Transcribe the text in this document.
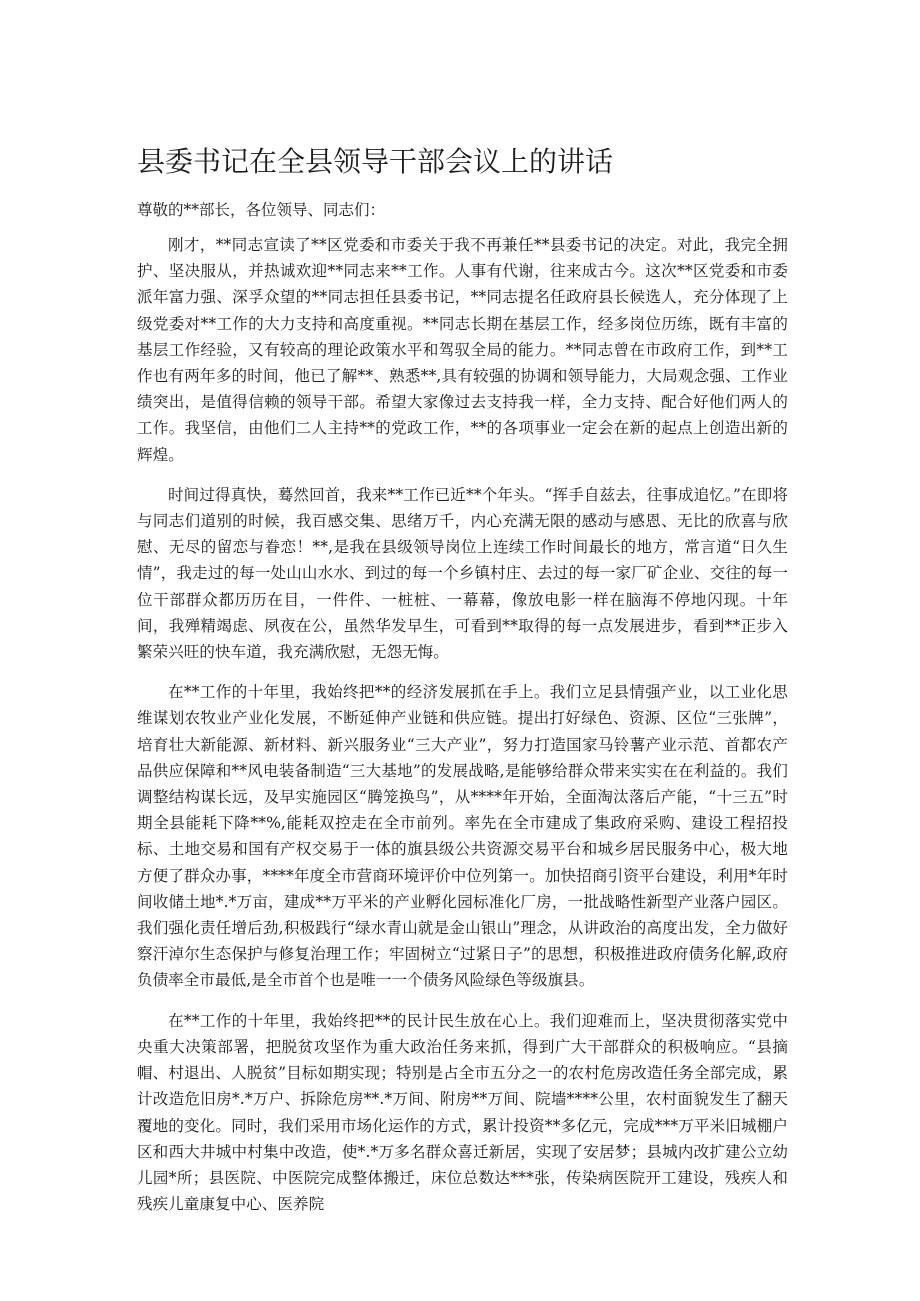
县委书记在全县领导干部会议上的讲话

尊敬的**部长，各位领导、同志们：

刚才，**同志宣读了**区党委和市委关于我不再兼任**县委书记的决定。对此，我完全拥护、坚决服从，并热诚欢迎**同志来**工作。人事有代谢，往来成古今。这次**区党委和市委派年富力强、深孚众望的**同志担任县委书记，**同志提名任政府县长候选人，充分体现了上级党委对**工作的大力支持和高度重视。**同志长期在基层工作，经多岗位历练，既有丰富的基层工作经验，又有较高的理论政策水平和驾驭全局的能力。**同志曾在市政府工作，到**工作也有两年多的时间，他已了解**、熟悉**,具有较强的协调和领导能力，大局观念强、工作业绩突出，是值得信赖的领导干部。希望大家像过去支持我一样，全力支持、配合好他们两人的工作。我坚信，由他们二人主持**的党政工作，**的各项事业一定会在新的起点上创造出新的辉煌。

时间过得真快，蓦然回首，我来**工作已近**个年头。“挥手自兹去，往事成追忆。”在即将与同志们道别的时候，我百感交集、思绪万千，内心充满无限的感动与感恩、无比的欣喜与欣慰、无尽的留恋与眷恋！**,是我在县级领导岗位上连续工作时间最长的地方，常言道“日久生情”，我走过的每一处山山水水、到过的每一个乡镇村庄、去过的每一家厂矿企业、交往的每一位干部群众都历历在目，一件件、一桩桩、一幕幕，像放电影一样在脑海不停地闪现。十年间，我殚精竭虑、夙夜在公，虽然华发早生，可看到**取得的每一点发展进步，看到**正步入繁荣兴旺的快车道，我充满欣慰，无怨无悔。

在**工作的十年里，我始终把**的经济发展抓在手上。我们立足县情强产业，以工业化思维谋划农牧业产业化发展，不断延伸产业链和供应链。提出打好绿色、资源、区位“三张牌”，培育壮大新能源、新材料、新兴服务业“三大产业”，努力打造国家马铃薯产业示范、首都农产品供应保障和**风电装备制造“三大基地”的发展战略,是能够给群众带来实实在在利益的。我们调整结构谋长远，及早实施园区“腾笼换鸟”，从****年开始，全面淘汰落后产能，“十三五”时期全县能耗下降**%,能耗双控走在全市前列。率先在全市建成了集政府采购、建设工程招投标、土地交易和国有产权交易于一体的旗县级公共资源交易平台和城乡居民服务中心，极大地方便了群众办事，****年度全市营商环境评价中位列第一。加快招商引资平台建设，利用*年时间收储土地*.*万亩，建成**万平米的产业孵化园标准化厂房，一批战略性新型产业落户园区。我们强化责任增后劲,积极践行“绿水青山就是金山银山”理念，从讲政治的高度出发，全力做好察汗淖尔生态保护与修复治理工作；牢固树立“过紧日子”的思想，积极推进政府债务化解,政府负债率全市最低,是全市首个也是唯一一个债务风险绿色等级旗县。

在**工作的十年里，我始终把**的民计民生放在心上。我们迎难而上，坚决贯彻落实党中央重大决策部署，把脱贫攻坚作为重大政治任务来抓，得到广大干部群众的积极响应。“县摘帽、村退出、人脱贫”目标如期实现；特别是占全市五分之一的农村危房改造任务全部完成，累计改造危旧房*.*万户、拆除危房**.*万间、附房**万间、院墙****公里，农村面貌发生了翻天覆地的变化。同时，我们采用市场化运作的方式，累计投资**多亿元，完成***万平米旧城棚户区和西大井城中村集中改造，使*.*万多名群众喜迁新居，实现了安居梦；县城内改扩建公立幼儿园*所；县医院、中医院完成整体搬迁，床位总数达***张，传染病医院开工建设，残疾人和残疾儿童康复中心、医养院
